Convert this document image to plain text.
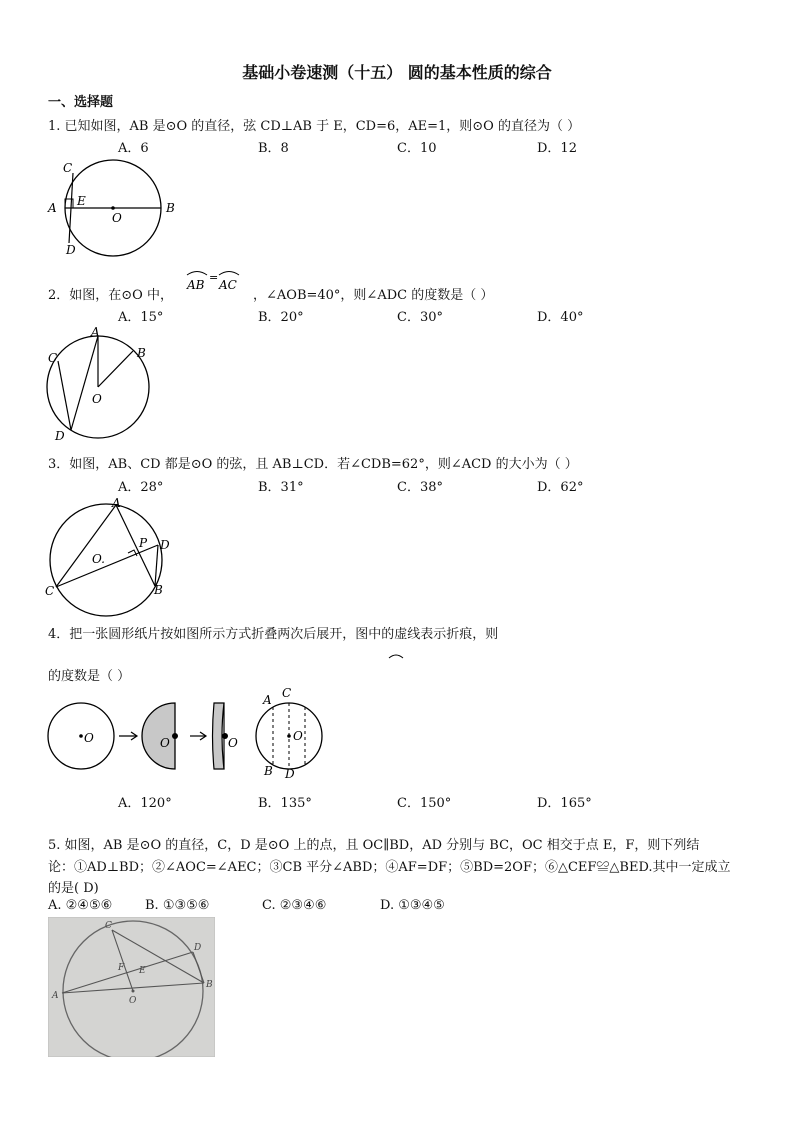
基础小卷速测（十五） 圆的基本性质的综合
一、选择题
1. 已知如图，AB 是⊙O 的直径，弦 CD⊥AB 于 E，CD=6，AE=1，则⊙O 的直径为（ ）
A．6	B．8	C．10	D．12
C
A E
O
B
D
2．如图，在⊙O 中，
AB
=
AC
，∠AOB=40°，则∠ADC 的度数是（ ）
A．15°	B．20°	C．30°	D．40°
A
B
C
O
D
3．如图，AB、CD 都是⊙O 的弦，且 AB⊥CD．若∠CDB=62°，则∠ACD 的大小为（ ）
A．28°	B．31°	C．38°	D．62°
A
P D
O.
C	B
4．把一张圆形纸片按如图所示方式折叠两次后展开，图中的虚线表示折痕，则
的度数是（ ）
O	O	O
C
A
O
B D
A．120°	B．135°	C．150°	D．165°
5. 如图，AB 是⊙O 的直径，C，D 是⊙O 上的点，且 OC∥BD，AD 分别与 BC，OC 相交于点 E，F，则下列结
论：①AD⊥BD；②∠AOC=∠AEC；③CB 平分∠ABD；④AF=DF；⑤BD=2OF；⑥△CEF≌△BED.其中一定成立
的是( D)
A. ②④⑤⑥	B. ①③⑤⑥	C. ②③④⑥	D. ①③④⑤
C
D
A
B
O
F E
